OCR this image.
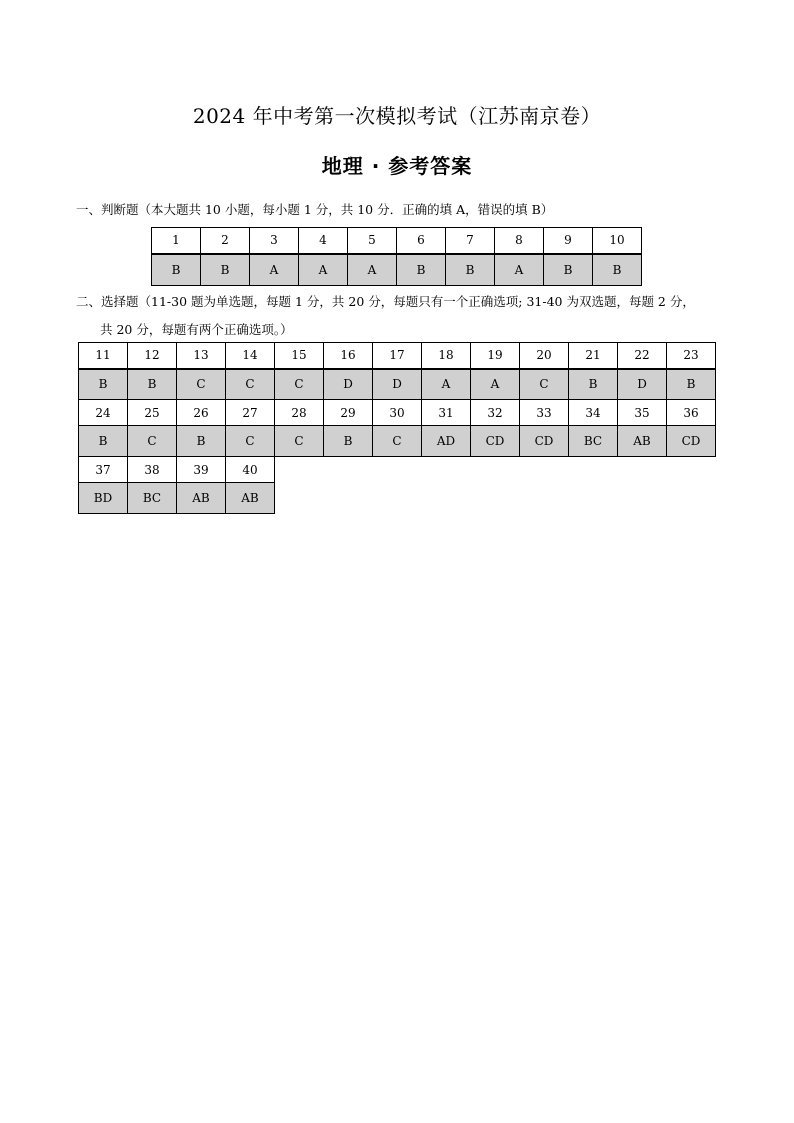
2024 年中考第一次模拟考试（江苏南京卷）
地理 · 参考答案
一、判断题（本大题共 10 小题，每小题 1 分，共 10 分．正确的填 A，错误的填 B）
1	2	3	4	5	6	7	8	9	10
B	B	A	A	A	B	B	A	B	B
二、选择题（11-30 题为单选题，每题 1 分，共 20 分，每题只有一个正确选项; 31-40 为双选题，每题 2 分，
共 20 分，每题有两个正确选项。）
11	12	13	14	15	16	17	18	19	20	21	22	23
B	B	C	C	C	D	D	A	A	C	B	D	B
24	25	26	27	28	29	30	31	32	33	34	35	36
B	C	B	C	C	B	C	AD	CD	CD	BC	AB	CD
37	38	39	40									
BD	BC	AB	AB									
